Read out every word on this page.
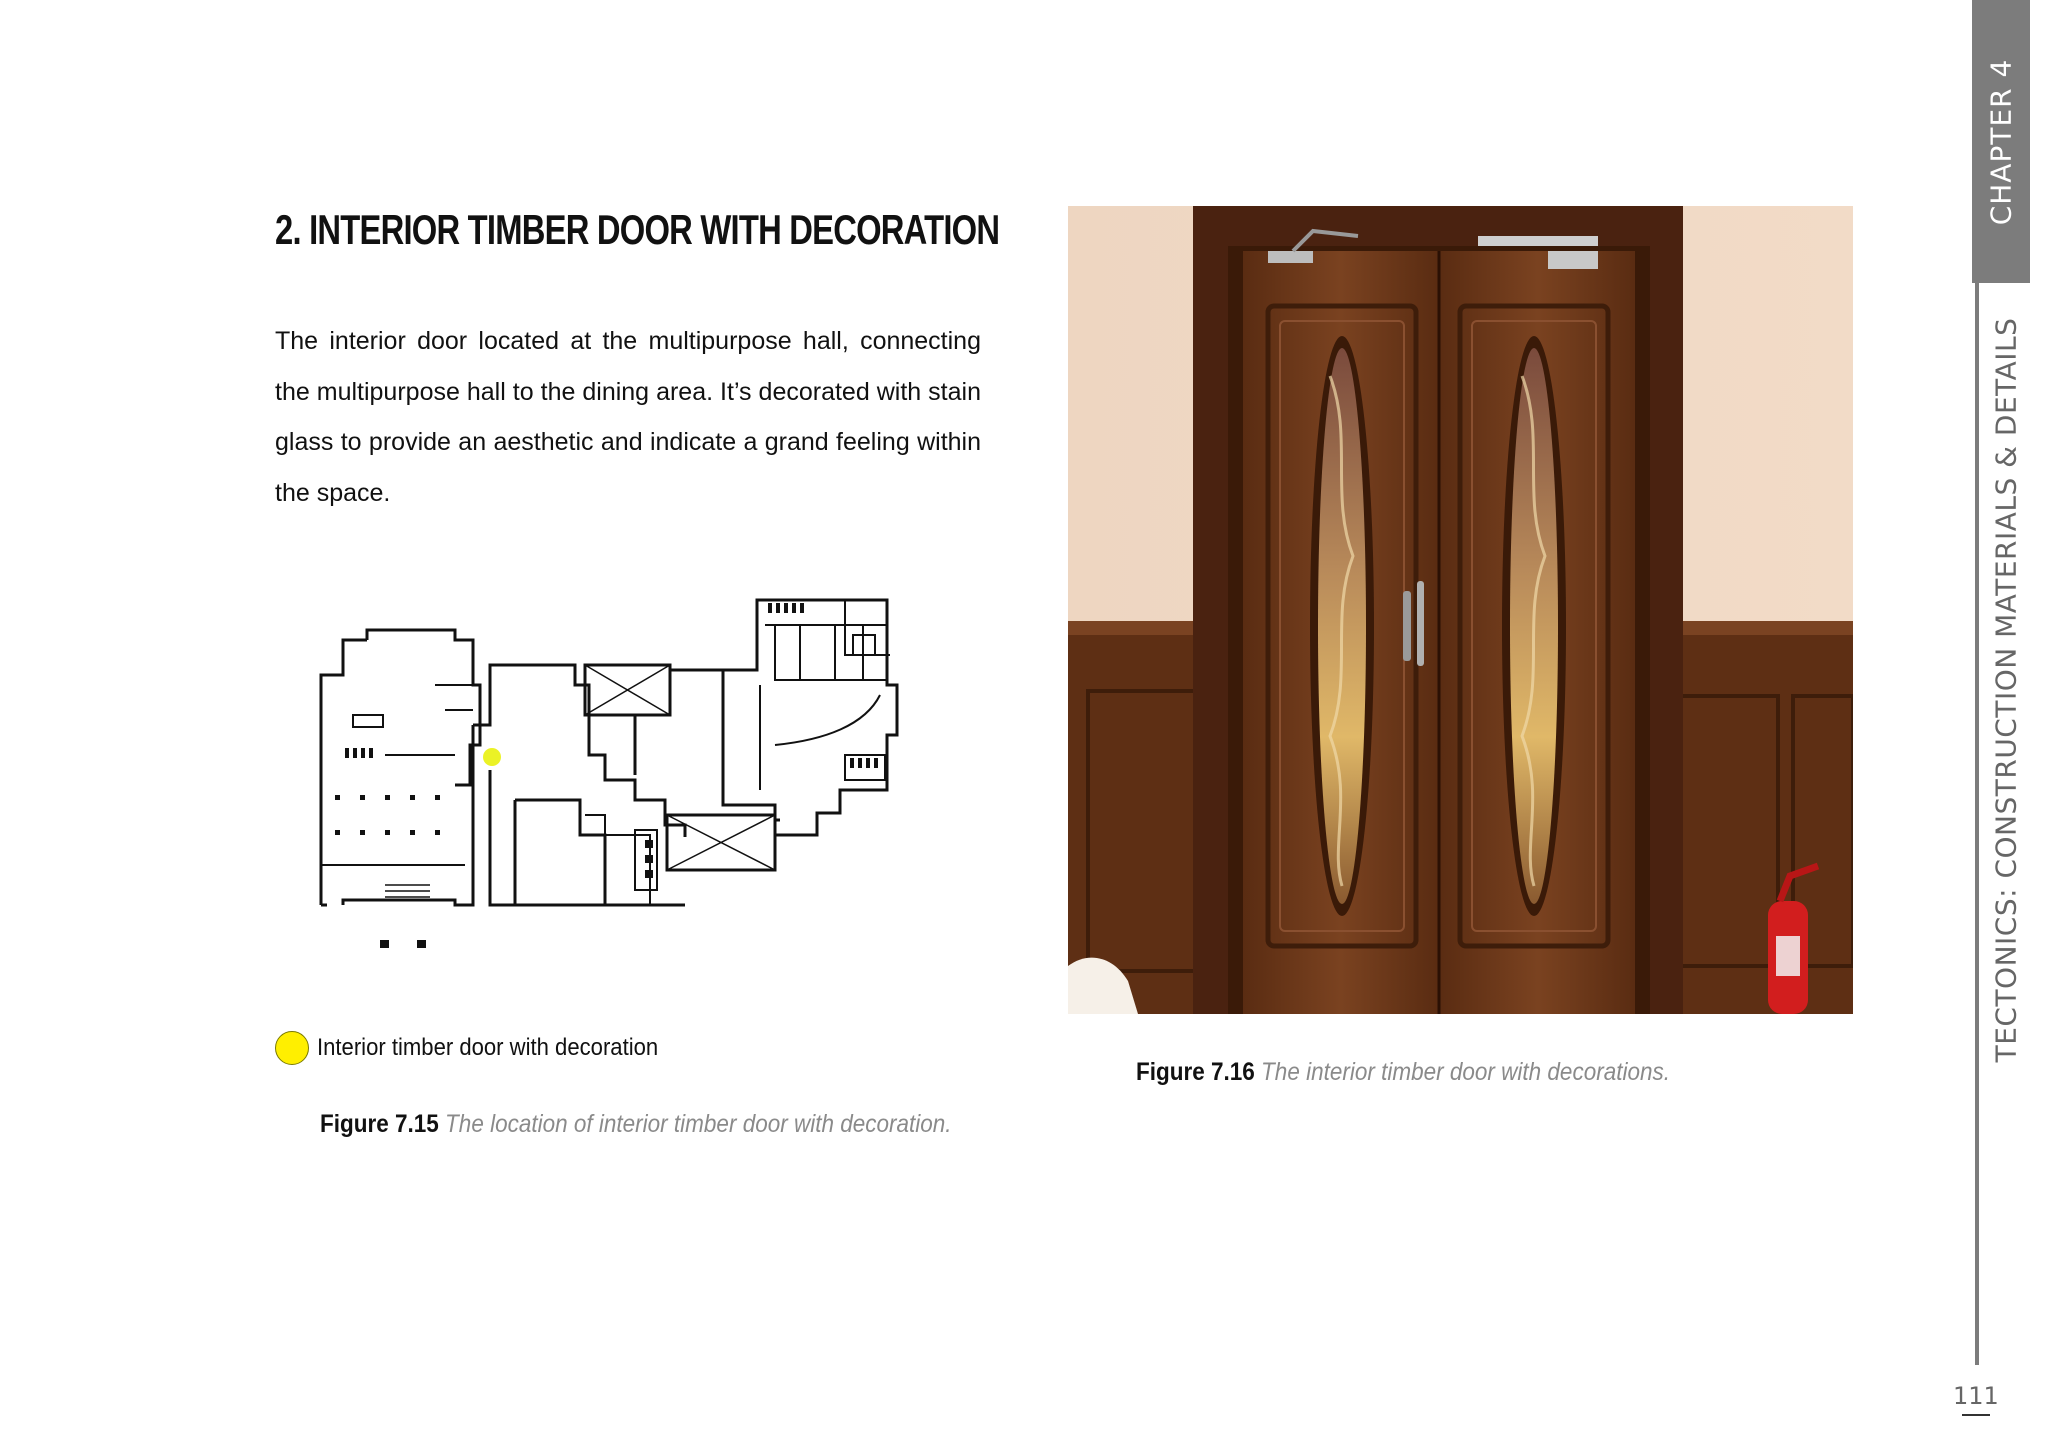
2. INTERIOR TIMBER DOOR WITH DECORATION

The interior door located at the multipurpose hall, connecting the multipurpose hall to the dining area. It’s decorated with stain glass to provide an aesthetic and indicate a grand feeling within the space.

Interior timber door with decoration
Figure 7.15 The location of interior timber door with decoration.
Figure 7.16 The interior timber door with decorations.
CHAPTER 4
TECTONICS: CONSTRUCTION MATERIALS & DETAILS
111
